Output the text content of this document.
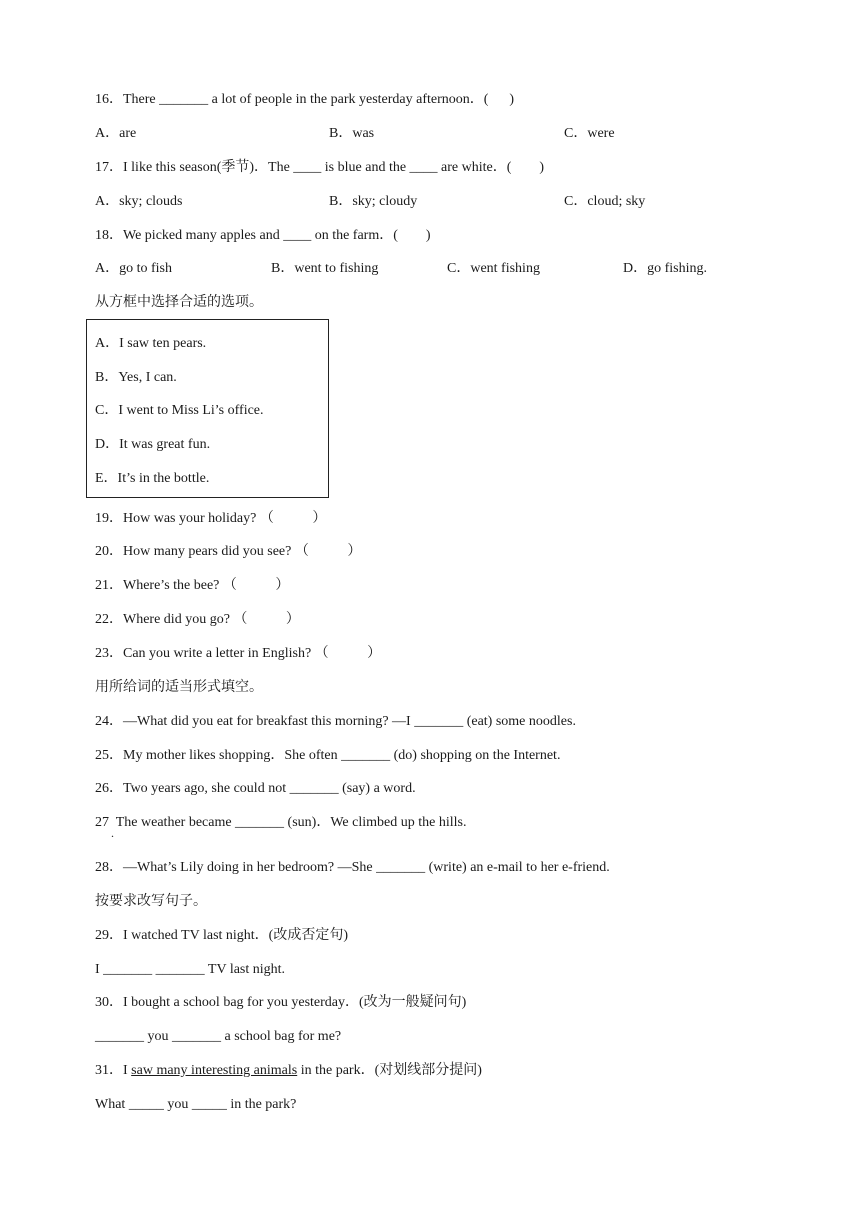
16．There _______ a lot of people in the park yesterday afternoon．(      )
A．are	B．was	C．were
17．I like this season(季节)．The ____ is blue and the ____ are white．(        )
A．sky; clouds	B．sky; cloudy	C．cloud; sky
18．We picked many apples and ____ on the farm．(        )
A．go to fish	B．went to fishing	C．went fishing	D．go fishing.
从方框中选择合适的选项。
A．I saw ten pears.
B．Yes, I can.
C．I went to Miss Li’s office.
D．It was great fun.
E．It’s in the bottle.
19．How was your holiday? （           ）
20．How many pears did you see? （           ）
21．Where’s the bee? （           ）
22．Where did you go? （           ）
23．Can you write a letter in English? （           ）
用所给词的适当形式填空。
24．—What did you eat for breakfast this morning? —I _______ (eat) some noodles.
25．My mother likes shopping．She often _______ (do) shopping on the Internet.
26．Two years ago, she could not _______ (say) a word.
27  The weather became _______ (sun)．We climbed up the hills.
.
28．—What’s Lily doing in her bedroom? —She _______ (write) an e-mail to her e-friend.
按要求改写句子。
29．I watched TV last night．(改成否定句)
I _______ _______ TV last night.
30．I bought a school bag for you yesterday．(改为一般疑问句)
_______ you _______ a school bag for me?
31．I saw many interesting animals in the park．(对划线部分提问)
What _____ you _____ in the park?
